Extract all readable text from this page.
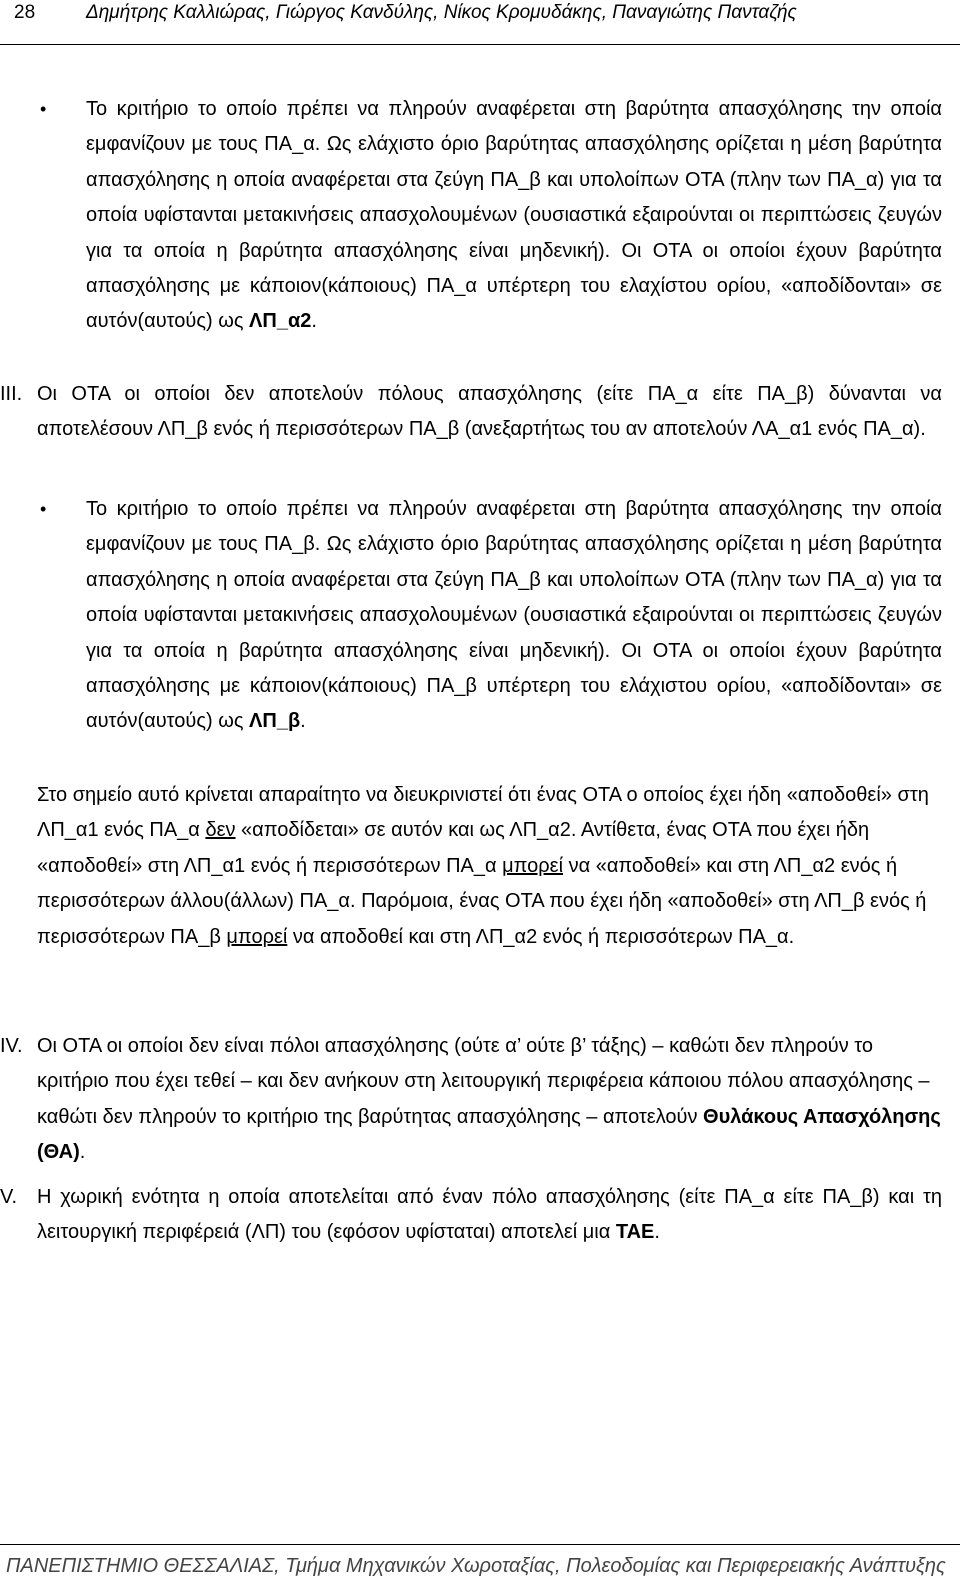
28	Δημήτρης Καλλιώρας, Γιώργος Κανδύλης, Νίκος Κρομυδάκης, Παναγιώτης Πανταζής
• Το κριτήριο το οποίο πρέπει να πληρούν αναφέρεται στη βαρύτητα απασχόλησης την οποία εμφανίζουν με τους ΠΑ_α. Ως ελάχιστο όριο βαρύτητας απασχόλησης ορίζεται η μέση βαρύτητα απασχόλησης η οποία αναφέρεται στα ζεύγη ΠΑ_β και υπολοίπων ΟΤΑ (πλην των ΠΑ_α) για τα οποία υφίστανται μετακινήσεις απασχολουμένων (ουσιαστικά εξαιρούνται οι περιπτώσεις ζευγών για τα οποία η βαρύτητα απασχόλησης είναι μηδενική). Οι ΟΤΑ οι οποίοι έχουν βαρύτητα απασχόλησης με κάποιον(κάποιους) ΠΑ_α υπέρτερη του ελαχίστου ορίου, «αποδίδονται» σε αυτόν(αυτούς) ως ΛΠ_α2.
III. Οι ΟΤΑ οι οποίοι δεν αποτελούν πόλους απασχόλησης (είτε ΠΑ_α είτε ΠΑ_β) δύνανται να αποτελέσουν ΛΠ_β ενός ή περισσότερων ΠΑ_β (ανεξαρτήτως του αν αποτελούν ΛΑ_α1 ενός ΠΑ_α).
• Το κριτήριο το οποίο πρέπει να πληρούν αναφέρεται στη βαρύτητα απασχόλησης την οποία εμφανίζουν με τους ΠΑ_β. Ως ελάχιστο όριο βαρύτητας απασχόλησης ορίζεται η μέση βαρύτητα απασχόλησης η οποία αναφέρεται στα ζεύγη ΠΑ_β και υπολοίπων ΟΤΑ (πλην των ΠΑ_α) για τα οποία υφίστανται μετακινήσεις απασχολουμένων (ουσιαστικά εξαιρούνται οι περιπτώσεις ζευγών για τα οποία η βαρύτητα απασχόλησης είναι μηδενική). Οι ΟΤΑ οι οποίοι έχουν βαρύτητα απασχόλησης με κάποιον(κάποιους) ΠΑ_β υπέρτερη του ελάχιστου ορίου, «αποδίδονται» σε αυτόν(αυτούς) ως ΛΠ_β.
Στο σημείο αυτό κρίνεται απαραίτητο να διευκρινιστεί ότι ένας ΟΤΑ ο οποίος έχει ήδη «αποδοθεί» στη ΛΠ_α1 ενός ΠΑ_α δεν «αποδίδεται» σε αυτόν και ως ΛΠ_α2. Αντίθετα, ένας ΟΤΑ που έχει ήδη «αποδοθεί» στη ΛΠ_α1 ενός ή περισσότερων ΠΑ_α μπορεί να «αποδοθεί» και στη ΛΠ_α2 ενός ή περισσότερων άλλου(άλλων) ΠΑ_α. Παρόμοια, ένας ΟΤΑ που έχει ήδη «αποδοθεί» στη ΛΠ_β ενός ή περισσότερων ΠΑ_β μπορεί να αποδοθεί και στη ΛΠ_α2 ενός ή περισσότερων ΠΑ_α.
IV. Οι ΟΤΑ οι οποίοι δεν είναι πόλοι απασχόλησης (ούτε α’ ούτε β’ τάξης) – καθώτι δεν πληρούν το κριτήριο που έχει τεθεί – και δεν ανήκουν στη λειτουργική περιφέρεια κάποιου πόλου απασχόλησης – καθώτι δεν πληρούν το κριτήριο της βαρύτητας απασχόλησης – αποτελούν Θυλάκους Απασχόλησης (ΘΑ).
V. Η χωρική ενότητα η οποία αποτελείται από έναν πόλο απασχόλησης (είτε ΠΑ_α είτε ΠΑ_β) και τη λειτουργική περιφέρειά (ΛΠ) του (εφόσον υφίσταται) αποτελεί μια ΤΑΕ.
ΠΑΝΕΠΙΣΤΗΜΙΟ ΘΕΣΣΑΛΙΑΣ, Τμήμα Μηχανικών Χωροταξίας, Πολεοδομίας και Περιφερειακής Ανάπτυξης
